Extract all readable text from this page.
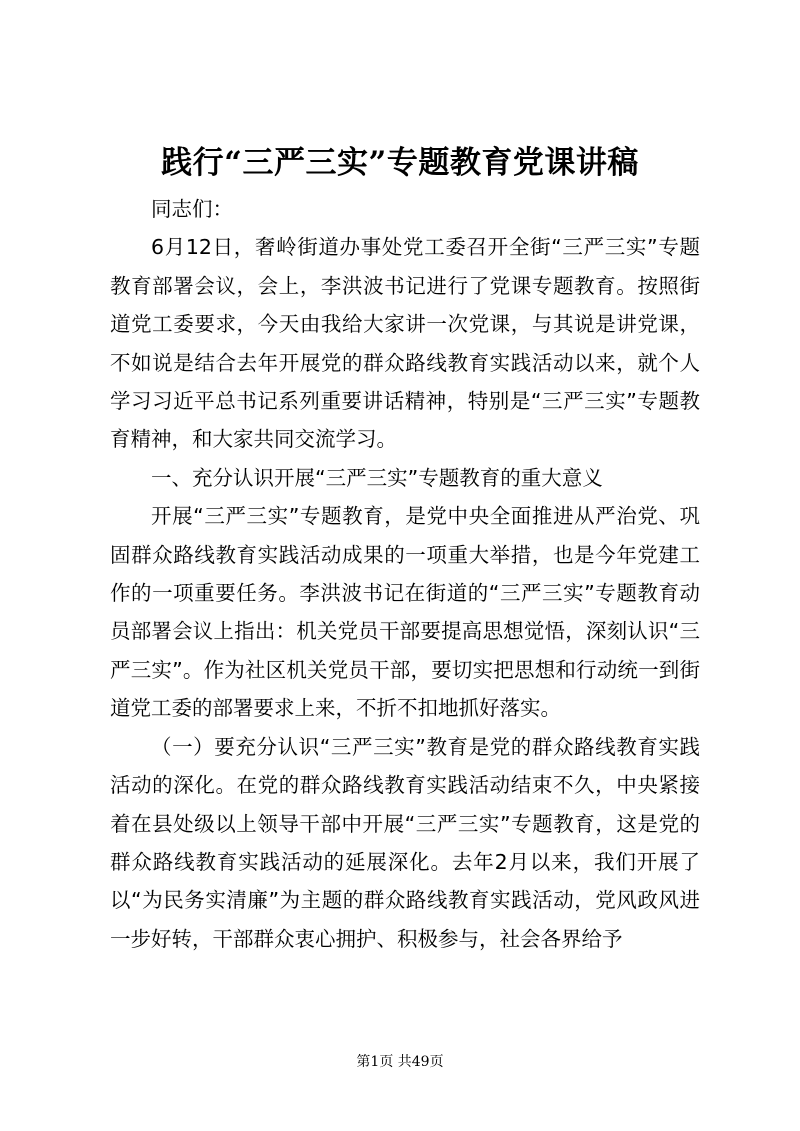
践行“三严三实”专题教育党课讲稿

同志们：

6月12日，奢岭街道办事处党工委召开全街“三严三实”专题教育部署会议，会上，李洪波书记进行了党课专题教育。按照街道党工委要求，今天由我给大家讲一次党课，与其说是讲党课，不如说是结合去年开展党的群众路线教育实践活动以来，就个人学习习近平总书记系列重要讲话精神，特别是“三严三实”专题教育精神，和大家共同交流学习。

一、充分认识开展“三严三实”专题教育的重大意义

开展“三严三实”专题教育，是党中央全面推进从严治党、巩固群众路线教育实践活动成果的一项重大举措，也是今年党建工作的一项重要任务。李洪波书记在街道的“三严三实”专题教育动员部署会议上指出：机关党员干部要提高思想觉悟，深刻认识“三严三实”。作为社区机关党员干部，要切实把思想和行动统一到街道党工委的部署要求上来，不折不扣地抓好落实。

（一）要充分认识“三严三实”教育是党的群众路线教育实践活动的深化。在党的群众路线教育实践活动结束不久，中央紧接着在县处级以上领导干部中开展“三严三实”专题教育，这是党的群众路线教育实践活动的延展深化。去年2月以来，我们开展了以“为民务实清廉”为主题的群众路线教育实践活动，党风政风进一步好转，干部群众衷心拥护、积极参与，社会各界给予

第1页 共49页
